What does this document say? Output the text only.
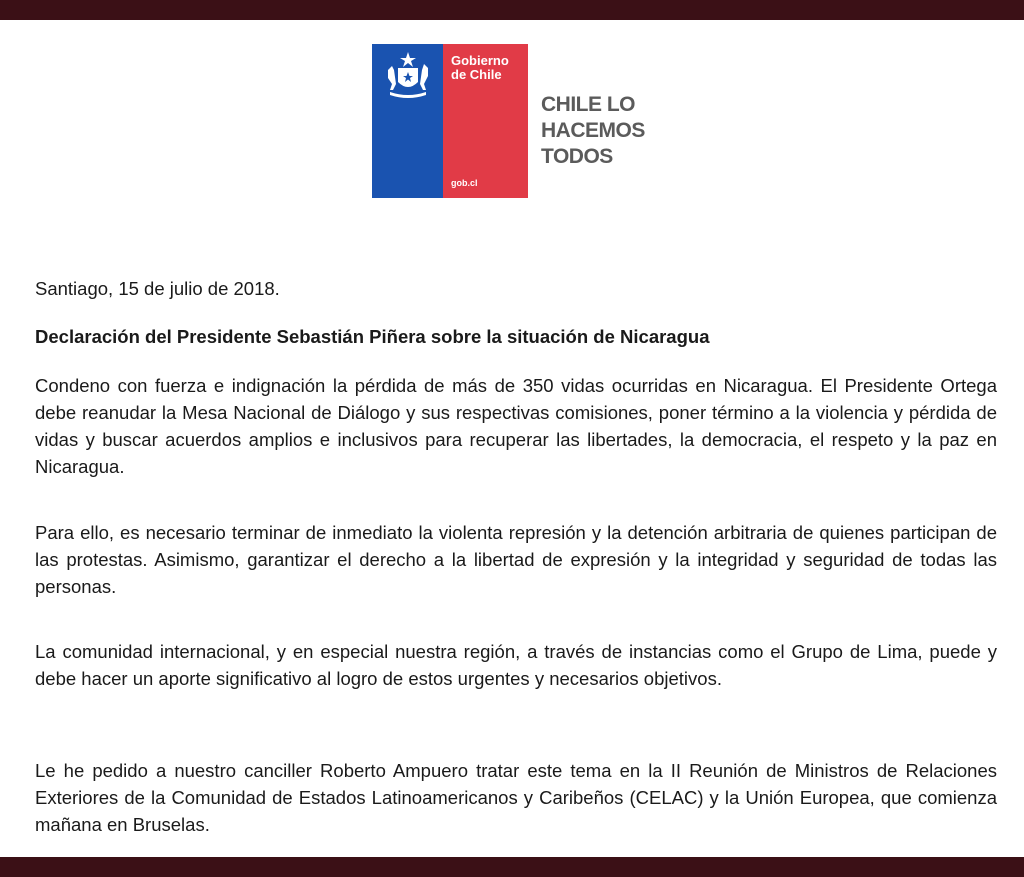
Gobierno
de Chile
gob.cl
CHILE LO
HACEMOS
TODOS
Santiago, 15 de julio de 2018.
Declaración del Presidente Sebastián Piñera sobre la situación de Nicaragua
Condeno con fuerza e indignación la pérdida de más de 350 vidas ocurridas en Nicaragua. El Presidente Ortega debe reanudar la Mesa Nacional de Diálogo y sus respectivas comisiones, poner término a la violencia y pérdida de vidas y buscar acuerdos amplios e inclusivos para recuperar las libertades, la democracia, el respeto y la paz en Nicaragua.
Para ello, es necesario terminar de inmediato la violenta represión y la detención arbitraria de quienes participan de las protestas. Asimismo, garantizar el derecho a la libertad de expresión y la integridad y seguridad de todas las personas.
La comunidad internacional, y en especial nuestra región, a través de instancias como el Grupo de Lima, puede y debe hacer un aporte significativo al logro de estos urgentes y necesarios objetivos.
Le he pedido a nuestro canciller Roberto Ampuero tratar este tema en la II Reunión de Ministros de Relaciones Exteriores de la Comunidad de Estados Latinoamericanos y Caribeños (CELAC) y la Unión Europea, que comienza mañana en Bruselas.
